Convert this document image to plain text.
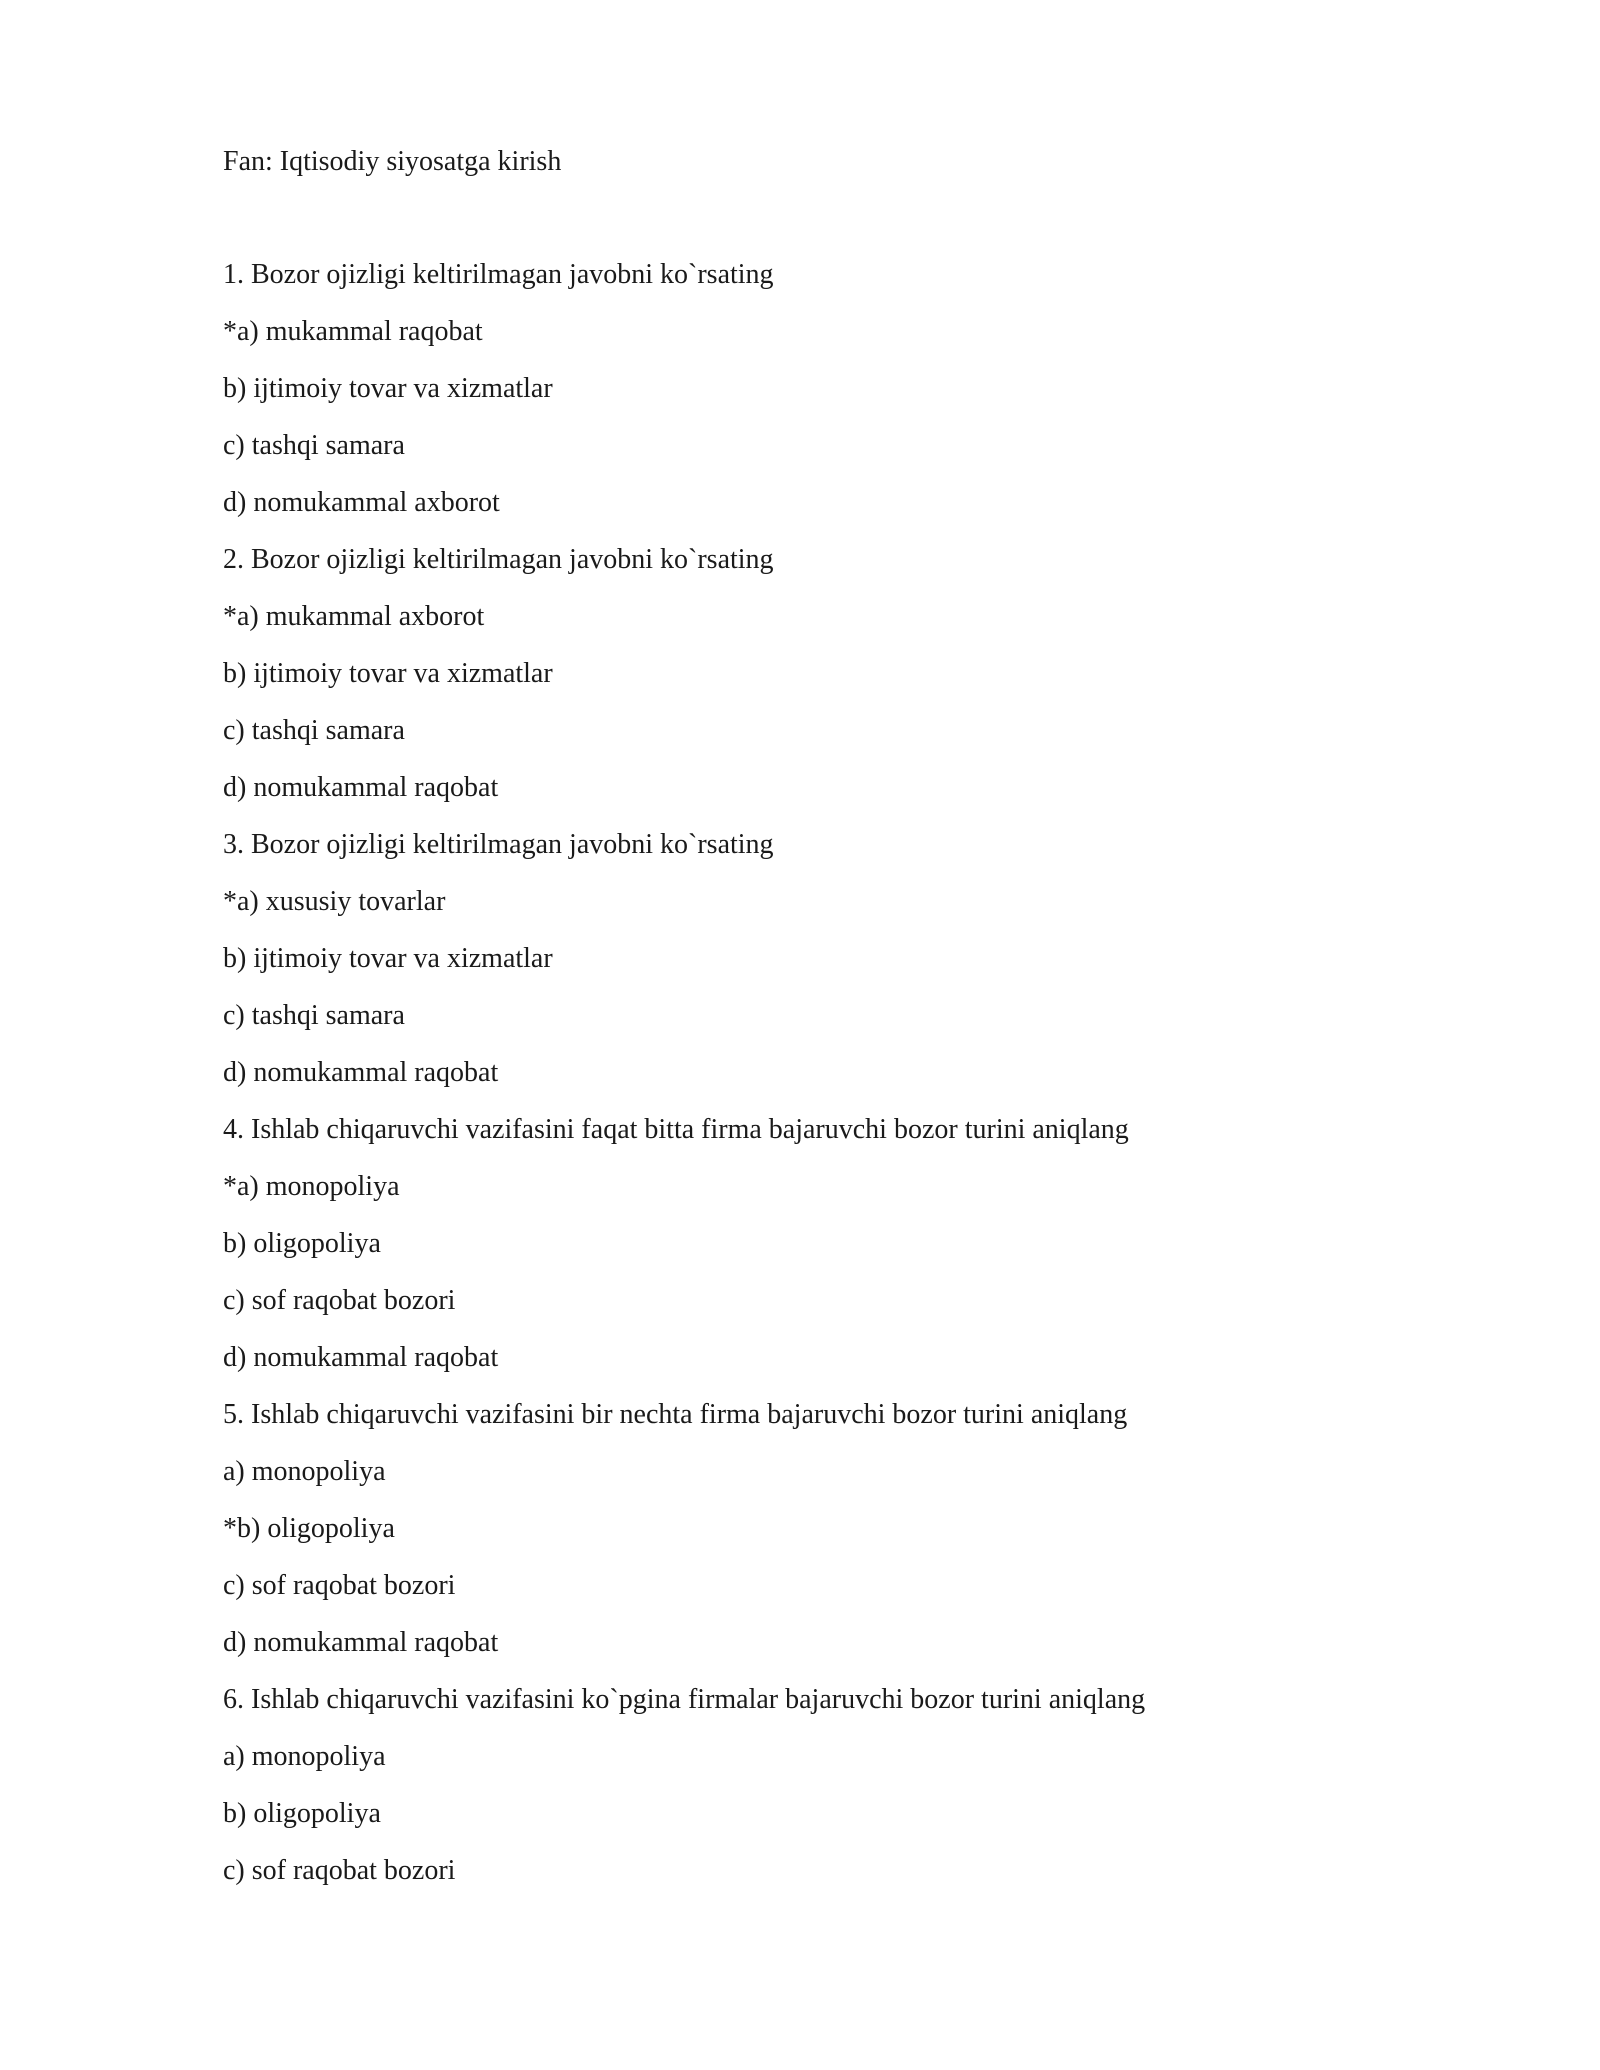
Fan: Iqtisodiy siyosatga kirish

1. Bozor ojizligi keltirilmagan javobni ko`rsating

*a) mukammal raqobat

b) ijtimoiy tovar va xizmatlar

c) tashqi samara

d) nomukammal axborot

2. Bozor ojizligi keltirilmagan javobni ko`rsating

*a) mukammal axborot

b) ijtimoiy tovar va xizmatlar

c) tashqi samara

d) nomukammal raqobat

3. Bozor ojizligi keltirilmagan javobni ko`rsating

*a) xususiy tovarlar

b) ijtimoiy tovar va xizmatlar

c) tashqi samara

d) nomukammal raqobat

4. Ishlab chiqaruvchi vazifasini faqat bitta firma bajaruvchi bozor turini aniqlang

*a) monopoliya

b) oligopoliya

c) sof raqobat bozori

d) nomukammal raqobat

5. Ishlab chiqaruvchi vazifasini bir nechta firma bajaruvchi bozor turini aniqlang

a) monopoliya

*b) oligopoliya

c) sof raqobat bozori

d) nomukammal raqobat

6. Ishlab chiqaruvchi vazifasini ko`pgina firmalar bajaruvchi bozor turini aniqlang

a) monopoliya

b) oligopoliya

c) sof raqobat bozori
